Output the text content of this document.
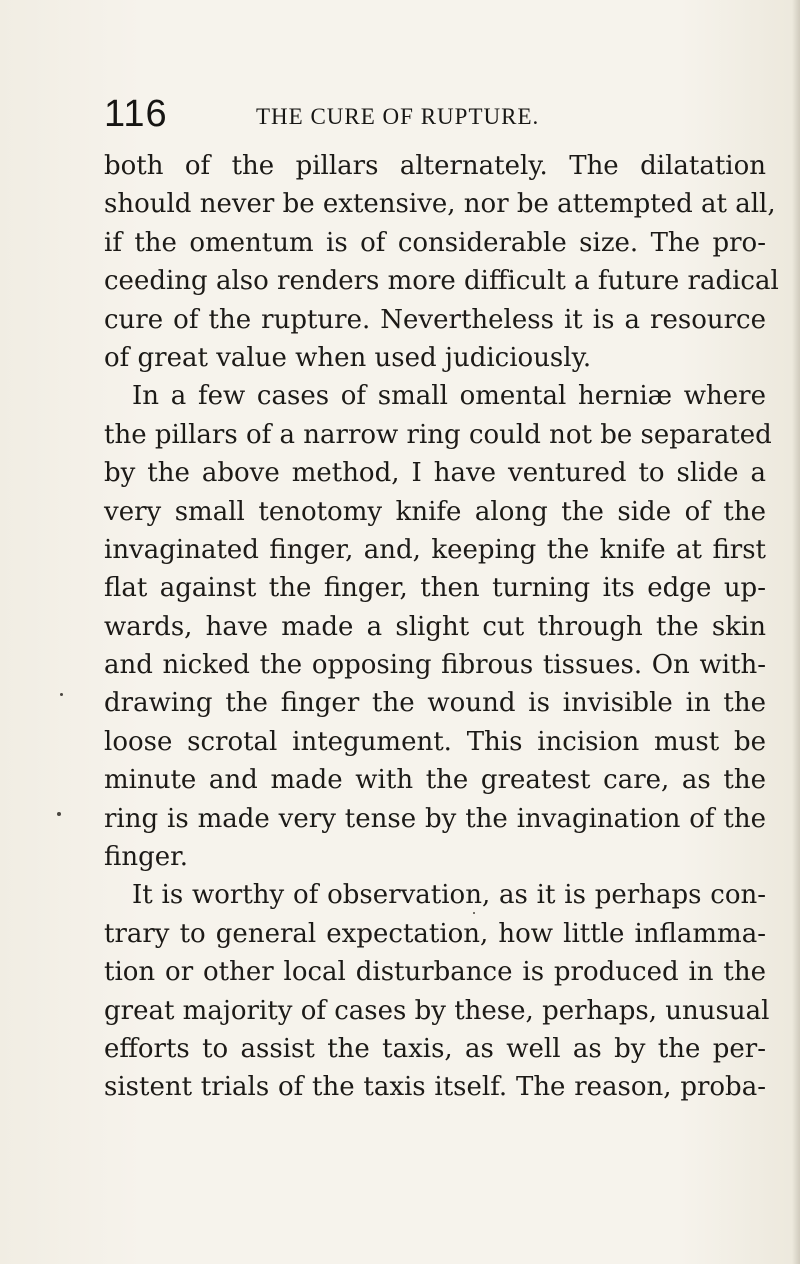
116	THE CURE OF RUPTURE.
both of the pillars alternately. The dilatation
should never be extensive, nor be attempted at all,
if the omentum is of considerable size. The pro-
ceeding also renders more difficult a future radical
cure of the rupture. Nevertheless it is a resource
of great value when used judiciously.
In a few cases of small omental herniæ where
the pillars of a narrow ring could not be separated
by the above method, I have ventured to slide a
very small tenotomy knife along the side of the
invaginated finger, and, keeping the knife at first
flat against the finger, then turning its edge up-
wards, have made a slight cut through the skin
and nicked the opposing fibrous tissues. On with-
drawing the finger the wound is invisible in the
loose scrotal integument. This incision must be
minute and made with the greatest care, as the
ring is made very tense by the invagination of the
finger.
It is worthy of observation, as it is perhaps con-
trary to general expectation, how little inflamma-
tion or other local disturbance is produced in the
great majority of cases by these, perhaps, unusual
efforts to assist the taxis, as well as by the per-
sistent trials of the taxis itself. The reason, proba-
